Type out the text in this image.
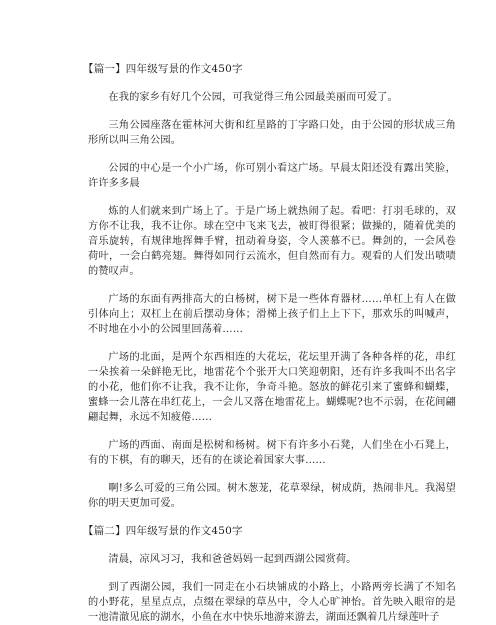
【篇一】四年级写景的作文450字

在我的家乡有好几个公园，可我觉得三角公园最美丽而可爱了。

三角公园座落在霍林河大街和红星路的丁字路口处，由于公园的形状成三角形所以叫三角公园。

公园的中心是一个小广场，你可别小看这广场。早晨太阳还没有露出笑脸，许许多多晨

炼的人们就来到广场上了。于是广场上就热闹了起。看吧：打羽毛球的，双方你不让我，我不让你。球在空中飞来飞去，被盯得很紧；做操的，随着优美的音乐旋转，有规律地挥舞手臂，扭动着身姿，令人羡慕不已。舞剑的，一会风卷荷叶，一会白鹤亮翅。舞得如同行云流水，但自然而有力。观看的人们发出啧啧的赞叹声。

广场的东面有两排高大的白杨树，树下是一些体育器材……单杠上有人在做引体向上；双杠上在前后摆动身体；滑梯上孩子们上上下下，那欢乐的叫喊声，不时地在小小的公园里回荡着……

广场的北面，是两个东西相连的大花坛，花坛里开满了各种各样的花，串红一朵挨着一朵鲜艳无比，地雷花个个张开大口笑迎朝阳，还有许多我叫不出名字的小花，他们你不让我，我不让你，争奇斗艳。怒放的鲜花引来了蜜蜂和蝴蝶，蜜蜂一会儿落在串红花上，一会儿又落在地雷花上。蝴蝶呢?也不示弱，在花间翩翩起舞，永远不知疲倦……

广场的西面、南面是松树和杨树。树下有许多小石凳，人们坐在小石凳上，有的下棋，有的聊天，还有的在谈论着国家大事……

啊!多么可爱的三角公园。树木葱茏，花草翠绿，树成荫，热闹非凡。我渴望你的明天更加可爱。

【篇二】四年级写景的作文450字

清晨，凉风习习，我和爸爸妈妈一起到西湖公园赏荷。

到了西湖公园，我们一同走在小石块铺成的小路上，小路两旁长满了不知名的小野花，星星点点，点缀在翠绿的草丛中，令人心旷神怡。首先映入眼帘的是一池清澈见底的湖水，小鱼在水中快乐地游来游去，湖面还飘着几片绿莲叶子
